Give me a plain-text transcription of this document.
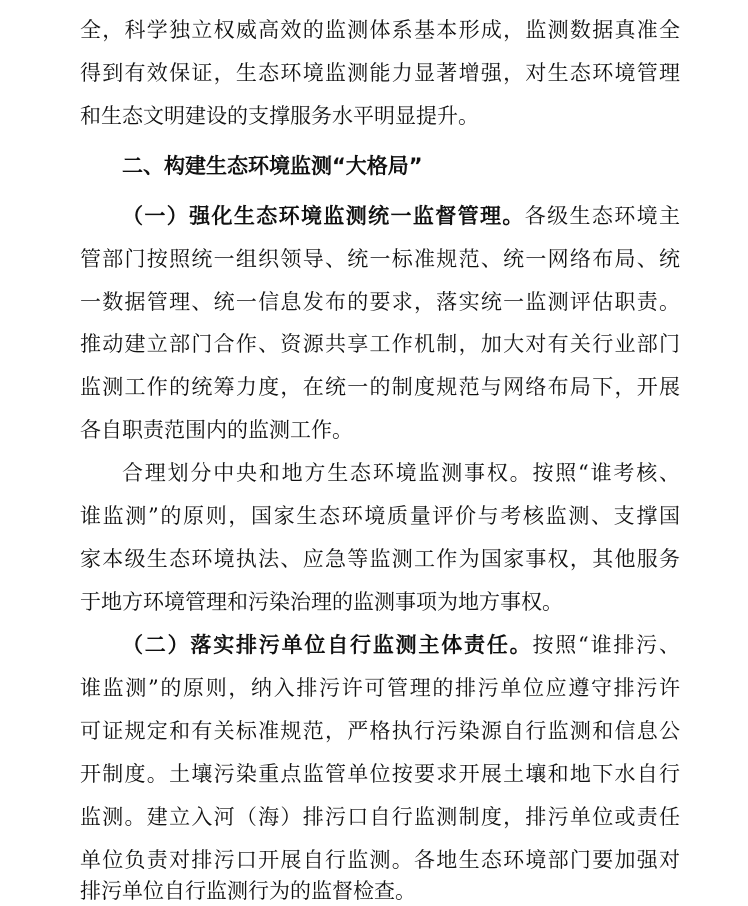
全，科学独立权威高效的监测体系基本形成，监测数据真准全
得到有效保证，生态环境监测能力显著增强，对生态环境管理
和生态文明建设的支撑服务水平明显提升。
二、构建生态环境监测“大格局”
（一）强化生态环境监测统一监督管理。各级生态环境主
管部门按照统一组织领导、统一标准规范、统一网络布局、统
一数据管理、统一信息发布的要求，落实统一监测评估职责。
推动建立部门合作、资源共享工作机制，加大对有关行业部门
监测工作的统筹力度，在统一的制度规范与网络布局下，开展
各自职责范围内的监测工作。
合理划分中央和地方生态环境监测事权。按照“谁考核、
谁监测”的原则，国家生态环境质量评价与考核监测、支撑国
家本级生态环境执法、应急等监测工作为国家事权，其他服务
于地方环境管理和污染治理的监测事项为地方事权。
（二）落实排污单位自行监测主体责任。按照“谁排污、
谁监测”的原则，纳入排污许可管理的排污单位应遵守排污许
可证规定和有关标准规范，严格执行污染源自行监测和信息公
开制度。土壤污染重点监管单位按要求开展土壤和地下水自行
监测。建立入河（海）排污口自行监测制度，排污单位或责任
单位负责对排污口开展自行监测。各地生态环境部门要加强对
排污单位自行监测行为的监督检查。
